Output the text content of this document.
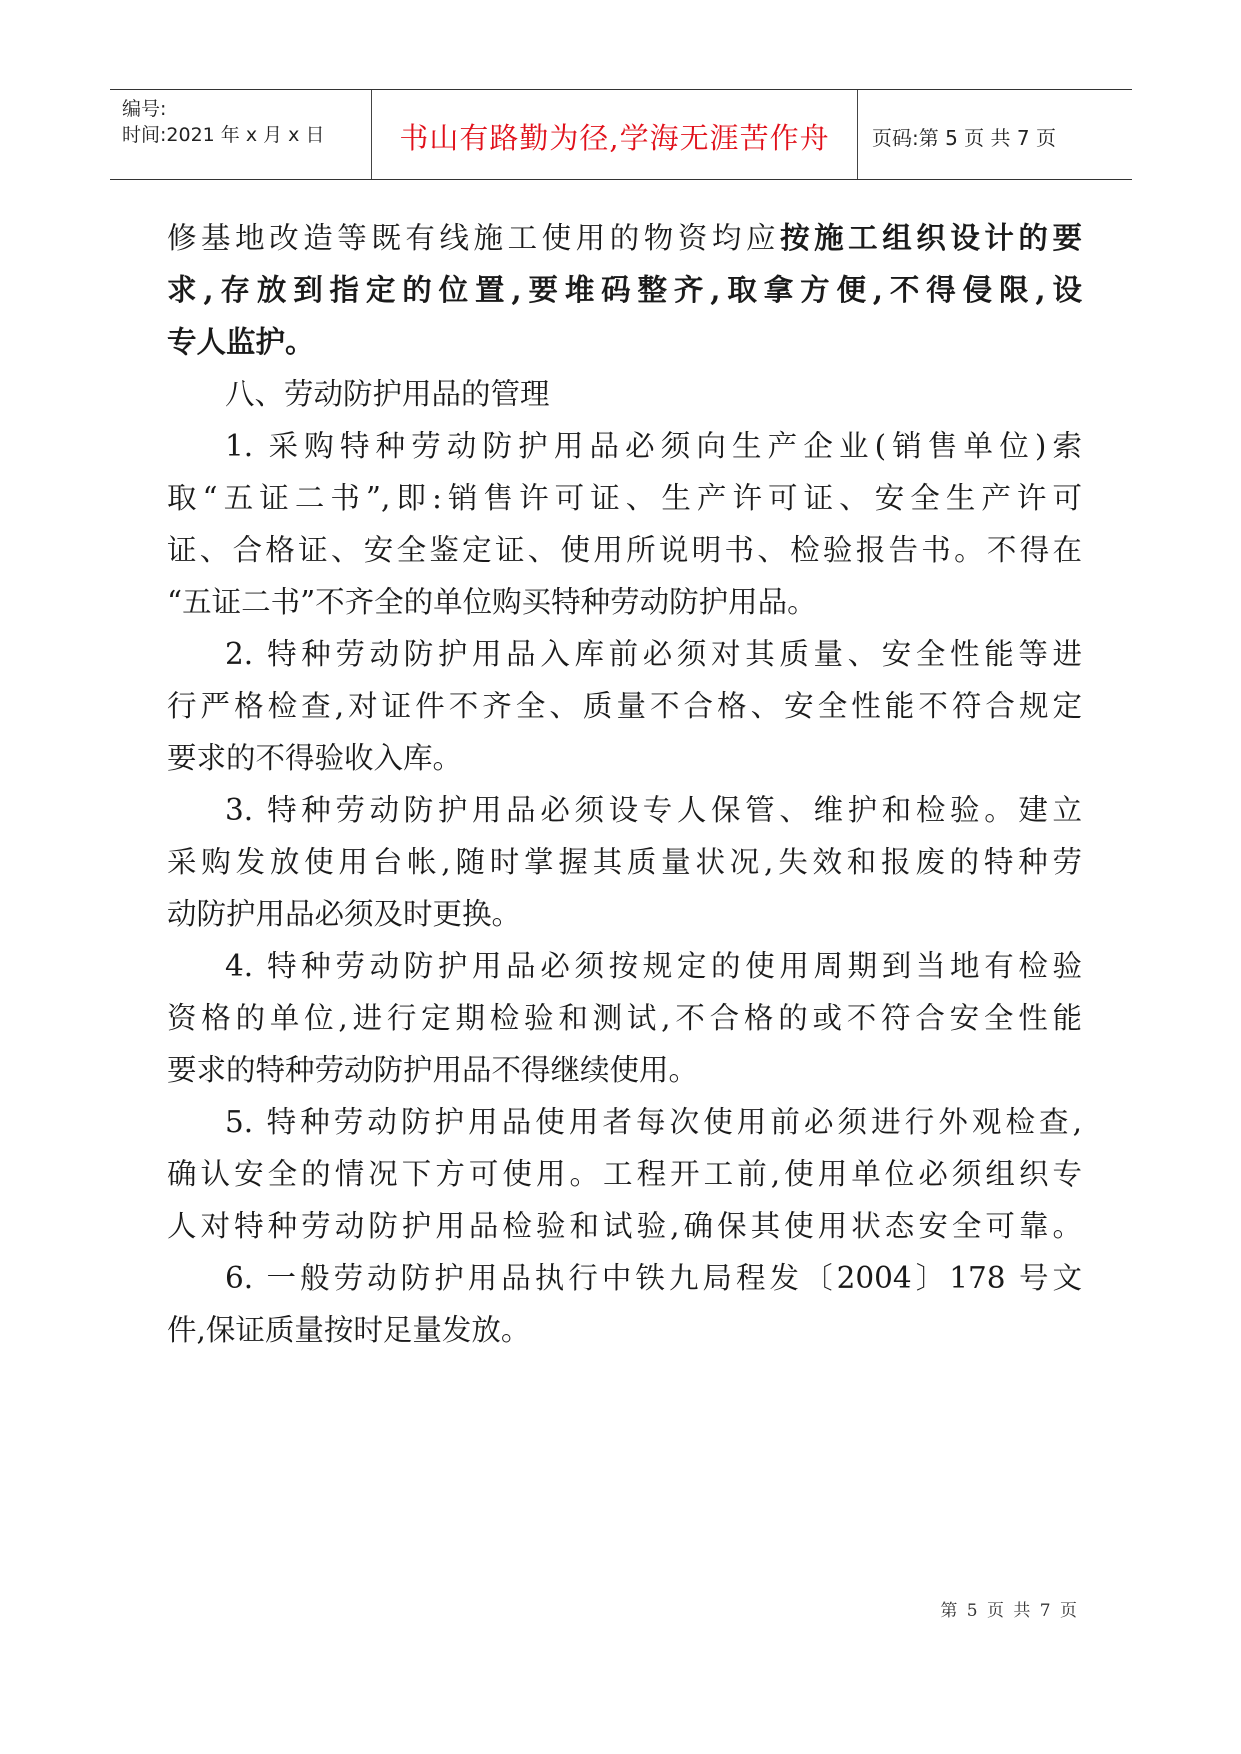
编号:
时间:2021 年 x 月 x 日	书山有路勤为径,学海无涯苦作舟	页码:第 5 页 共 7 页
修基地改造等既有线施工使用的物资均应按施工组织设计的要
求,存放到指定的位置,要堆码整齐,取拿方便,不得侵限,设
专人监护。
八、劳动防护用品的管理
1. 采购特种劳动防护用品必须向生产企业(销售单位)索
取“五证二书”,即:销售许可证、生产许可证、安全生产许可
证、合格证、安全鉴定证、使用所说明书、检验报告书。不得在
“五证二书”不齐全的单位购买特种劳动防护用品。
2. 特种劳动防护用品入库前必须对其质量、安全性能等进
行严格检查,对证件不齐全、质量不合格、安全性能不符合规定
要求的不得验收入库。
3. 特种劳动防护用品必须设专人保管、维护和检验。建立
采购发放使用台帐,随时掌握其质量状况,失效和报废的特种劳
动防护用品必须及时更换。
4. 特种劳动防护用品必须按规定的使用周期到当地有检验
资格的单位,进行定期检验和测试,不合格的或不符合安全性能
要求的特种劳动防护用品不得继续使用。
5. 特种劳动防护用品使用者每次使用前必须进行外观检查,
确认安全的情况下方可使用。工程开工前,使用单位必须组织专
人对特种劳动防护用品检验和试验,确保其使用状态安全可靠。
6. 一般劳动防护用品执行中铁九局程发〔2004〕178 号文
件,保证质量按时足量发放。
第 5 页 共 7 页
